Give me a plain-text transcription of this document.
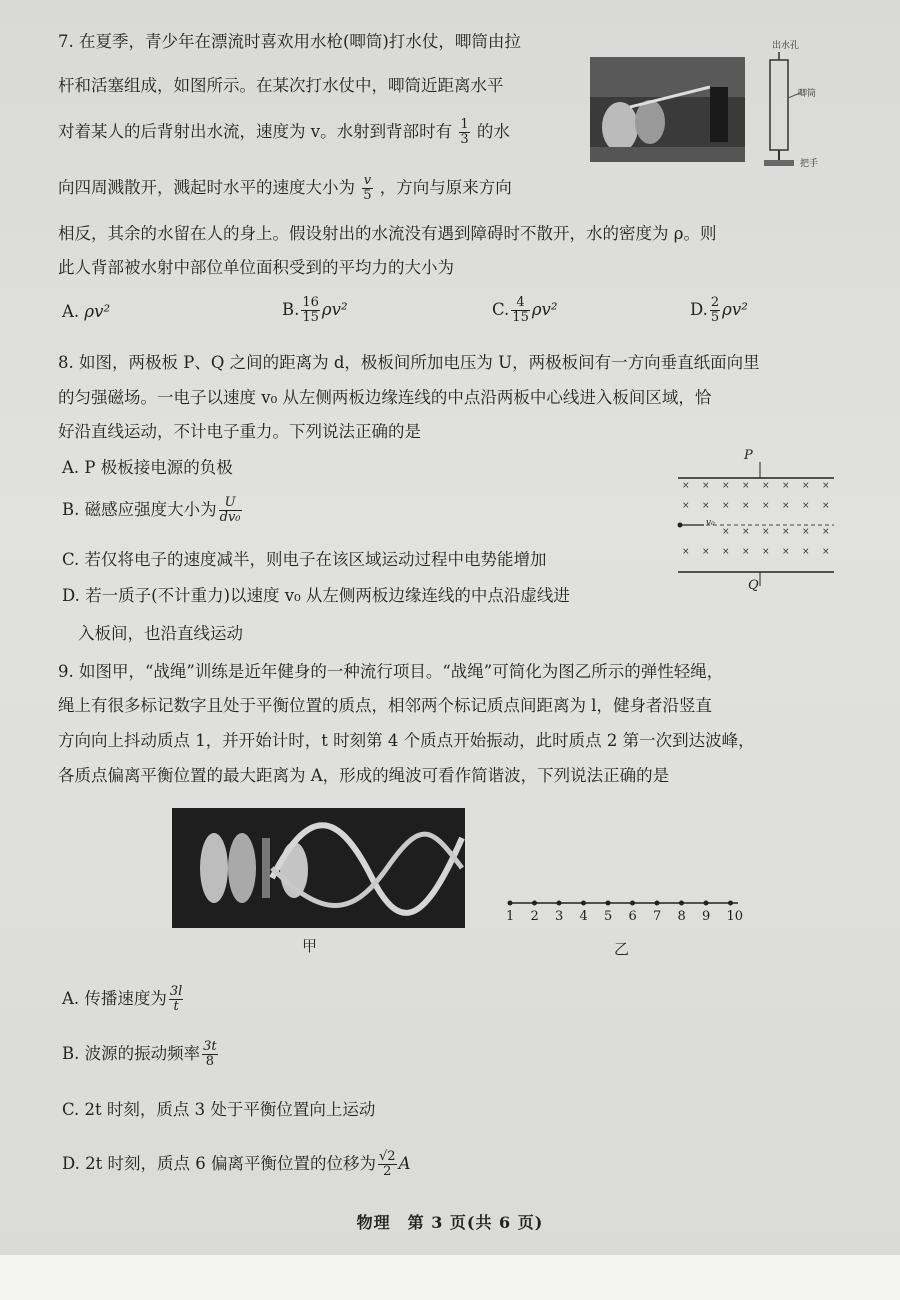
7. 在夏季，青少年在漂流时喜欢用水枪(唧筒)打水仗，唧筒由拉
杆和活塞组成，如图所示。在某次打水仗中，唧筒近距离水平
对着某人的后背射出水流，速度为 v。水射到背部时有 $\frac{1}{3}$ 的水
向四周溅散开，溅起时水平的速度大小为 $\frac{v}{5}$ ，方向与原来方向
相反，其余的水留在人的身上。假设射出的水流没有遇到障碍时不散开，水的密度为 ρ。则
此人背部被水射中部位单位面积受到的平均力的大小为
出水孔
唧筒
把手
A. ρv²	B. $\frac{16}{15} \rho v^2$	C. $\frac{4}{15} \rho v^2$	D. $\frac{2}{5} \rho v^2$
8. 如图，两极板 P、Q 之间的距离为 d，极板间所加电压为 U，两极板间有一方向垂直纸面向里
的匀强磁场。一电子以速度 v₀ 从左侧两板边缘连线的中点沿两板中心线进入板间区域，恰
好沿直线运动，不计电子重力。下列说法正确的是
A. P 极板接电源的负极
B. 磁感应强度大小为 $\frac{U}{\text{dv₀}}$
C. 若仅将电子的速度减半，则电子在该区域运动过程中电势能增加
D. 若一质子(不计重力)以速度 v₀ 从左侧两板边缘连线的中点沿虚线进
入板间，也沿直线运动
× × × × × × × ×
× × × × × × × ×
× × × × × ×
× × × × × × × ×
P
Q
v₀
9. 如图甲，“战绳”训练是近年健身的一种流行项目。“战绳”可简化为图乙所示的弹性轻绳，
绳上有很多标记数字且处于平衡位置的质点，相邻两个标记质点间距离为 l，健身者沿竖直
方向向上抖动质点 1，并开始计时，t 时刻第 4 个质点开始振动，此时质点 2 第一次到达波峰，
各质点偏离平衡位置的最大距离为 A，形成的绳波可看作简谐波，下列说法正确的是
甲
1 2 3 4 5 6 7 8 9 10
乙
A. 传播速度为 $\frac{3l}{t}$
B. 波源的振动频率 $\frac{3t}{8}$
C. 2t 时刻，质点 3 处于平衡位置向上运动
D. 2t 时刻，质点 6 偏离平衡位置的位移为 $\frac{√2}{2}$ A
物理　第 3 页(共 6 页)
